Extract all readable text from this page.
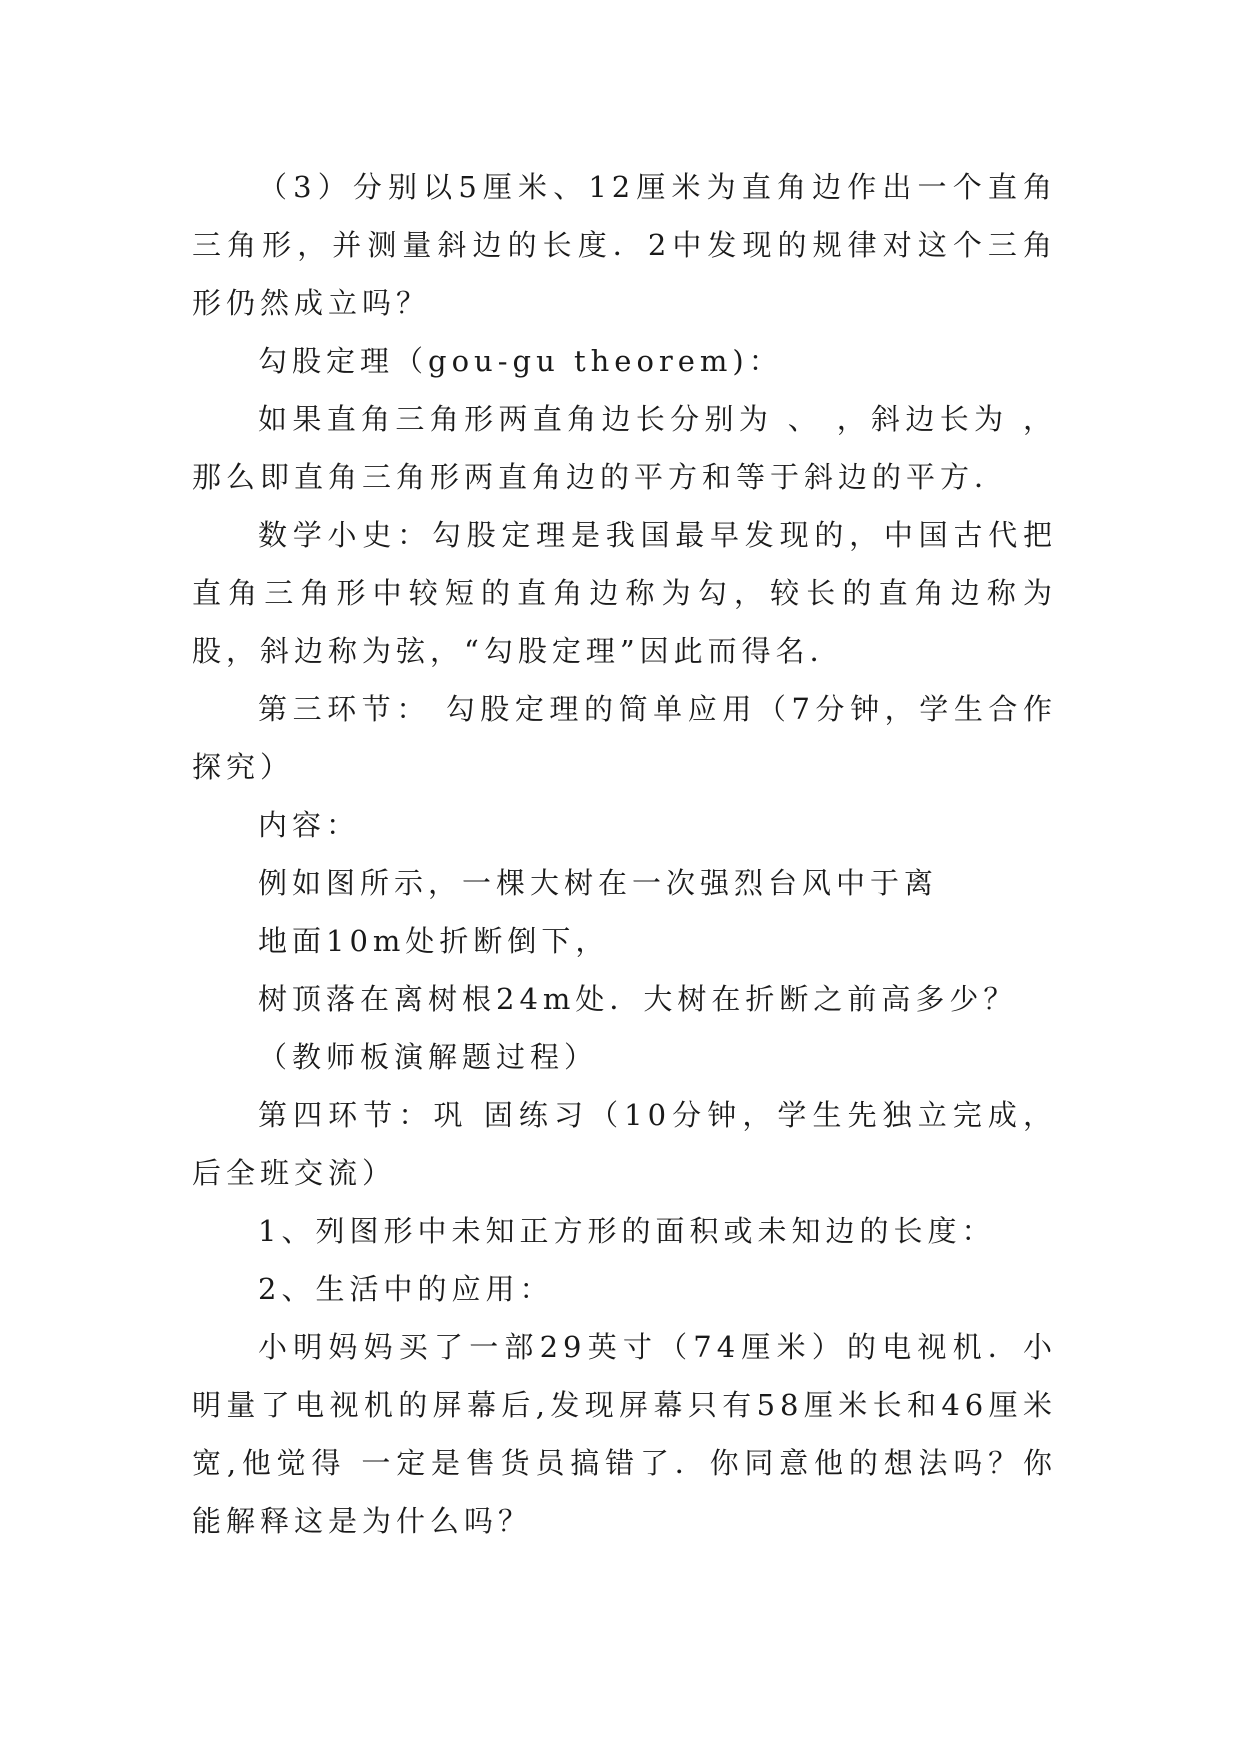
（3）分别以5厘米、12厘米为直角边作出一个直角三角形，并测量斜边的长度．2中发现的规律对这个三角形仍然成立吗？

勾股定理（gou-gu theorem)：

如果直角三角形两直角边长分别为 、 ，斜边长为 ，那么即直角三角形两直角边的平方和等于斜边的平方．

数学小史：勾股定理是我国最早发现的，中国古代把直角三角形中较短的直角边称为勾，较长的直角边称为股，斜边称为弦，“勾股定理”因此而得名．

第三环节： 勾股定理的简单应用（7分钟，学生合作探究）

内容：

例如图所示，一棵大树在一次强烈台风中于离

地面10m处折断倒下，

树顶落在离树根24m处．大树在折断之前高多少？

（教师板演解题过程）

第四环节：巩 固练习（10分钟，学生先独立完成，后全班交流）

1、列图形中未知正方形的面积或未知边的长度：

2、生活中的应用：

小明妈妈买了一部29英寸（74厘米）的电视机．小明量了电视机的屏幕后,发现屏幕只有58厘米长和46厘米宽,他觉得 一定是售货员搞错了．你同意他的想法吗？你能解释这是为什么吗？
